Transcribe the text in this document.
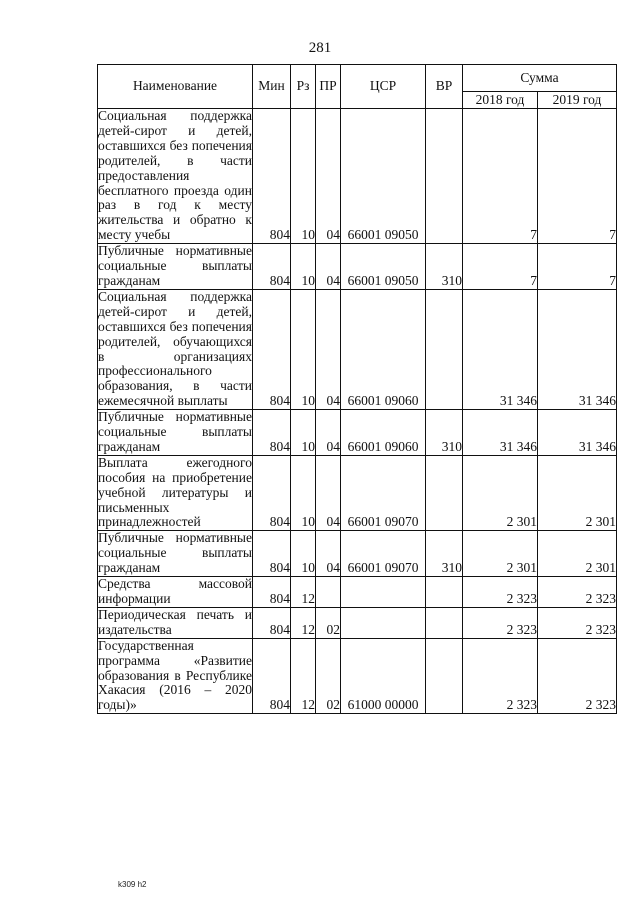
281
Наименование	Мин	Рз	ПР	ЦСР	ВР	Сумма	
						2018 год	2019 год
Социальная поддержка детей-сирот и детей, оставшихся без попечения родителей, в части предоставления бесплатного проезда один раз в год к месту жительства и обратно к месту учебы	804	10	04	66001 09050		7	7
Публичные нормативные социальные выплаты гражданам	804	10	04	66001 09050	310	7	7
Социальная поддержка детей-сирот и детей, оставшихся без попечения родителей, обучающихся в организациях профессионального образования, в части ежемесячной выплаты	804	10	04	66001 09060		31 346	31 346
Публичные нормативные социальные выплаты гражданам	804	10	04	66001 09060	310	31 346	31 346
Выплата ежегодного пособия на приобретение учебной литературы и письменных принадлежностей	804	10	04	66001 09070		2 301	2 301
Публичные нормативные социальные выплаты гражданам	804	10	04	66001 09070	310	2 301	2 301
Средства массовой информации	804	12				2 323	2 323
Периодическая печать и издательства	804	12	02			2 323	2 323
Государственная программа «Развитие образования в Республике Хакасия (2016 – 2020 годы)»	804	12	02	61000 00000		2 323	2 323
k309 h2
